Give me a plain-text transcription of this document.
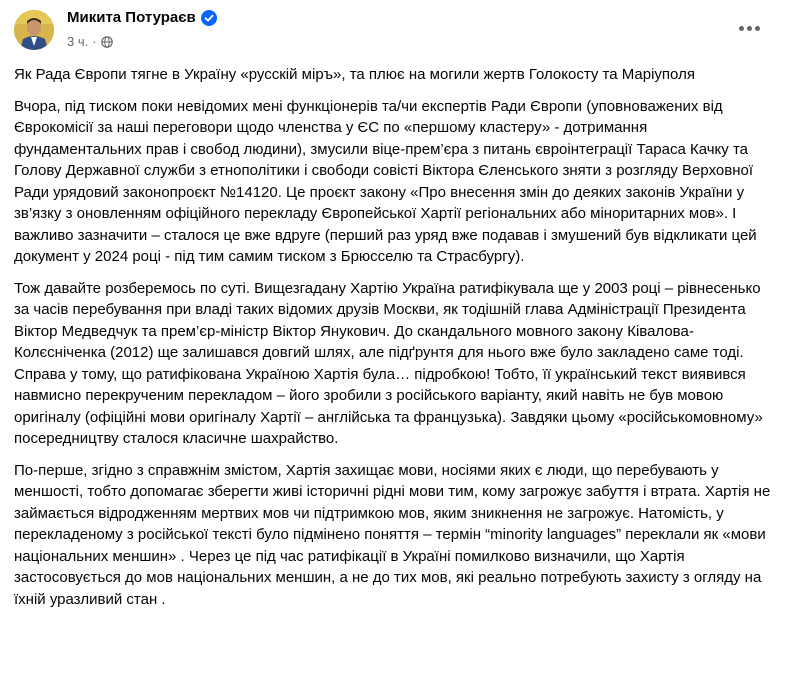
Микита Потураєв
3 ч. ·

Як Рада Європи тягне в Україну «русскій міръ», та плює на могили жертв Голокосту та Маріуполя

Вчора, під тиском поки невідомих мені функціонерів та/чи експертів Ради Європи (уповноважених від Єврокомісії за наші переговори щодо членства у ЄС по «першому кластеру» - дотримання фундаментальних прав і свобод людини), змусили віце-прем’єра з питань євроінтеграції Тараса Качку та Голову Державної служби з етнополітики і свободи совісті Віктора Єленського зняти з розгляду Верховної Ради урядовий законопроєкт №14120. Це проєкт закону «Про внесення змін до деяких законів України у зв’язку з оновленням офіційного перекладу Європейської Хартії регіональних або міноритарних мов». І важливо зазначити – сталося це вже вдруге (перший раз уряд вже подавав і змушений був відкликати цей документ у 2024 році - під тим самим тиском з Брюсселю та Страсбургу).

Тож давайте розберемось по суті. Вищезгадану Хартію Україна ратифікувала ще у 2003 році – рівнесенько за часів перебування при владі таких відомих друзів Москви, як тодішній глава Адміністрації Президента Віктор Медведчук та прем’єр-міністр Віктор Янукович. До скандального мовного закону Ківалова-Колєсніченка (2012) ще залишався довгий шлях, але підґрунтя для нього вже було закладено саме тоді.

Справа у тому, що ратифікована Україною Хартія була… підробкою! Тобто, її український текст виявився навмисно перекрученим перекладом – його зробили з російського варіанту, який навіть не був мовою оригіналу (офіційні мови оригіналу Хартії – англійська та французька). Завдяки цьому «російськомовному» посередництву сталося класичне шахрайство.

По-перше, згідно з справжнім змістом, Хартія захищає мови, носіями яких є люди, що перебувають у меншості, тобто допомагає зберегти живі історичні рідні мови тим, кому загрожує забуття і втрата. Хартія не займається відродженням мертвих мов чи підтримкою мов, яким зникнення не загрожує. Натомість, у перекладеному з російської тексті було підмінено поняття – термін “minority languages” переклали як «мови національних меншин» . Через це під час ратифікації в Україні помилково визначили, що Хартія застосовується до мов національних меншин, а не до тих мов, які реально потребують захисту з огляду на їхній уразливий стан .
